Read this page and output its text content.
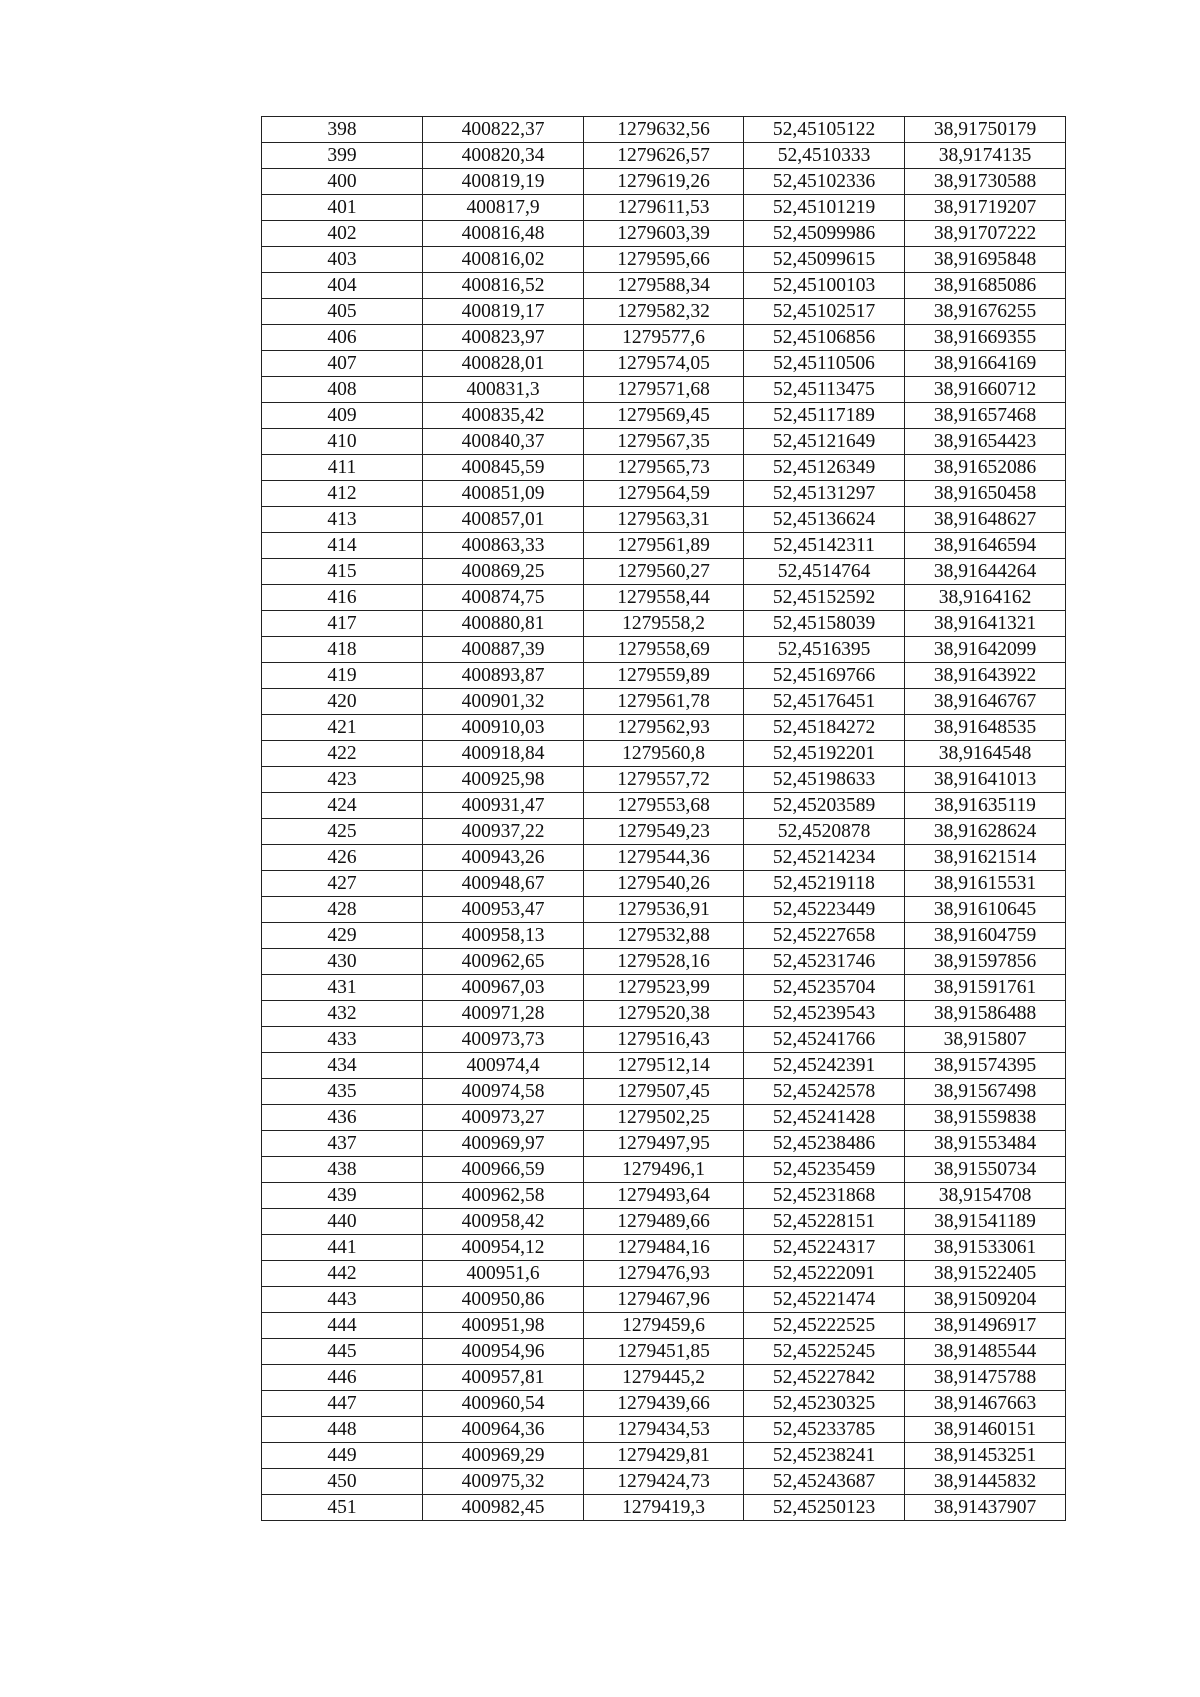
398	400822,37	1279632,56	52,45105122	38,91750179
399	400820,34	1279626,57	52,4510333	38,9174135
400	400819,19	1279619,26	52,45102336	38,91730588
401	400817,9	1279611,53	52,45101219	38,91719207
402	400816,48	1279603,39	52,45099986	38,91707222
403	400816,02	1279595,66	52,45099615	38,91695848
404	400816,52	1279588,34	52,45100103	38,91685086
405	400819,17	1279582,32	52,45102517	38,91676255
406	400823,97	1279577,6	52,45106856	38,91669355
407	400828,01	1279574,05	52,45110506	38,91664169
408	400831,3	1279571,68	52,45113475	38,91660712
409	400835,42	1279569,45	52,45117189	38,91657468
410	400840,37	1279567,35	52,45121649	38,91654423
411	400845,59	1279565,73	52,45126349	38,91652086
412	400851,09	1279564,59	52,45131297	38,91650458
413	400857,01	1279563,31	52,45136624	38,91648627
414	400863,33	1279561,89	52,45142311	38,91646594
415	400869,25	1279560,27	52,4514764	38,91644264
416	400874,75	1279558,44	52,45152592	38,9164162
417	400880,81	1279558,2	52,45158039	38,91641321
418	400887,39	1279558,69	52,4516395	38,91642099
419	400893,87	1279559,89	52,45169766	38,91643922
420	400901,32	1279561,78	52,45176451	38,91646767
421	400910,03	1279562,93	52,45184272	38,91648535
422	400918,84	1279560,8	52,45192201	38,9164548
423	400925,98	1279557,72	52,45198633	38,91641013
424	400931,47	1279553,68	52,45203589	38,91635119
425	400937,22	1279549,23	52,4520878	38,91628624
426	400943,26	1279544,36	52,45214234	38,91621514
427	400948,67	1279540,26	52,45219118	38,91615531
428	400953,47	1279536,91	52,45223449	38,91610645
429	400958,13	1279532,88	52,45227658	38,91604759
430	400962,65	1279528,16	52,45231746	38,91597856
431	400967,03	1279523,99	52,45235704	38,91591761
432	400971,28	1279520,38	52,45239543	38,91586488
433	400973,73	1279516,43	52,45241766	38,915807
434	400974,4	1279512,14	52,45242391	38,91574395
435	400974,58	1279507,45	52,45242578	38,91567498
436	400973,27	1279502,25	52,45241428	38,91559838
437	400969,97	1279497,95	52,45238486	38,91553484
438	400966,59	1279496,1	52,45235459	38,91550734
439	400962,58	1279493,64	52,45231868	38,9154708
440	400958,42	1279489,66	52,45228151	38,91541189
441	400954,12	1279484,16	52,45224317	38,91533061
442	400951,6	1279476,93	52,45222091	38,91522405
443	400950,86	1279467,96	52,45221474	38,91509204
444	400951,98	1279459,6	52,45222525	38,91496917
445	400954,96	1279451,85	52,45225245	38,91485544
446	400957,81	1279445,2	52,45227842	38,91475788
447	400960,54	1279439,66	52,45230325	38,91467663
448	400964,36	1279434,53	52,45233785	38,91460151
449	400969,29	1279429,81	52,45238241	38,91453251
450	400975,32	1279424,73	52,45243687	38,91445832
451	400982,45	1279419,3	52,45250123	38,91437907
